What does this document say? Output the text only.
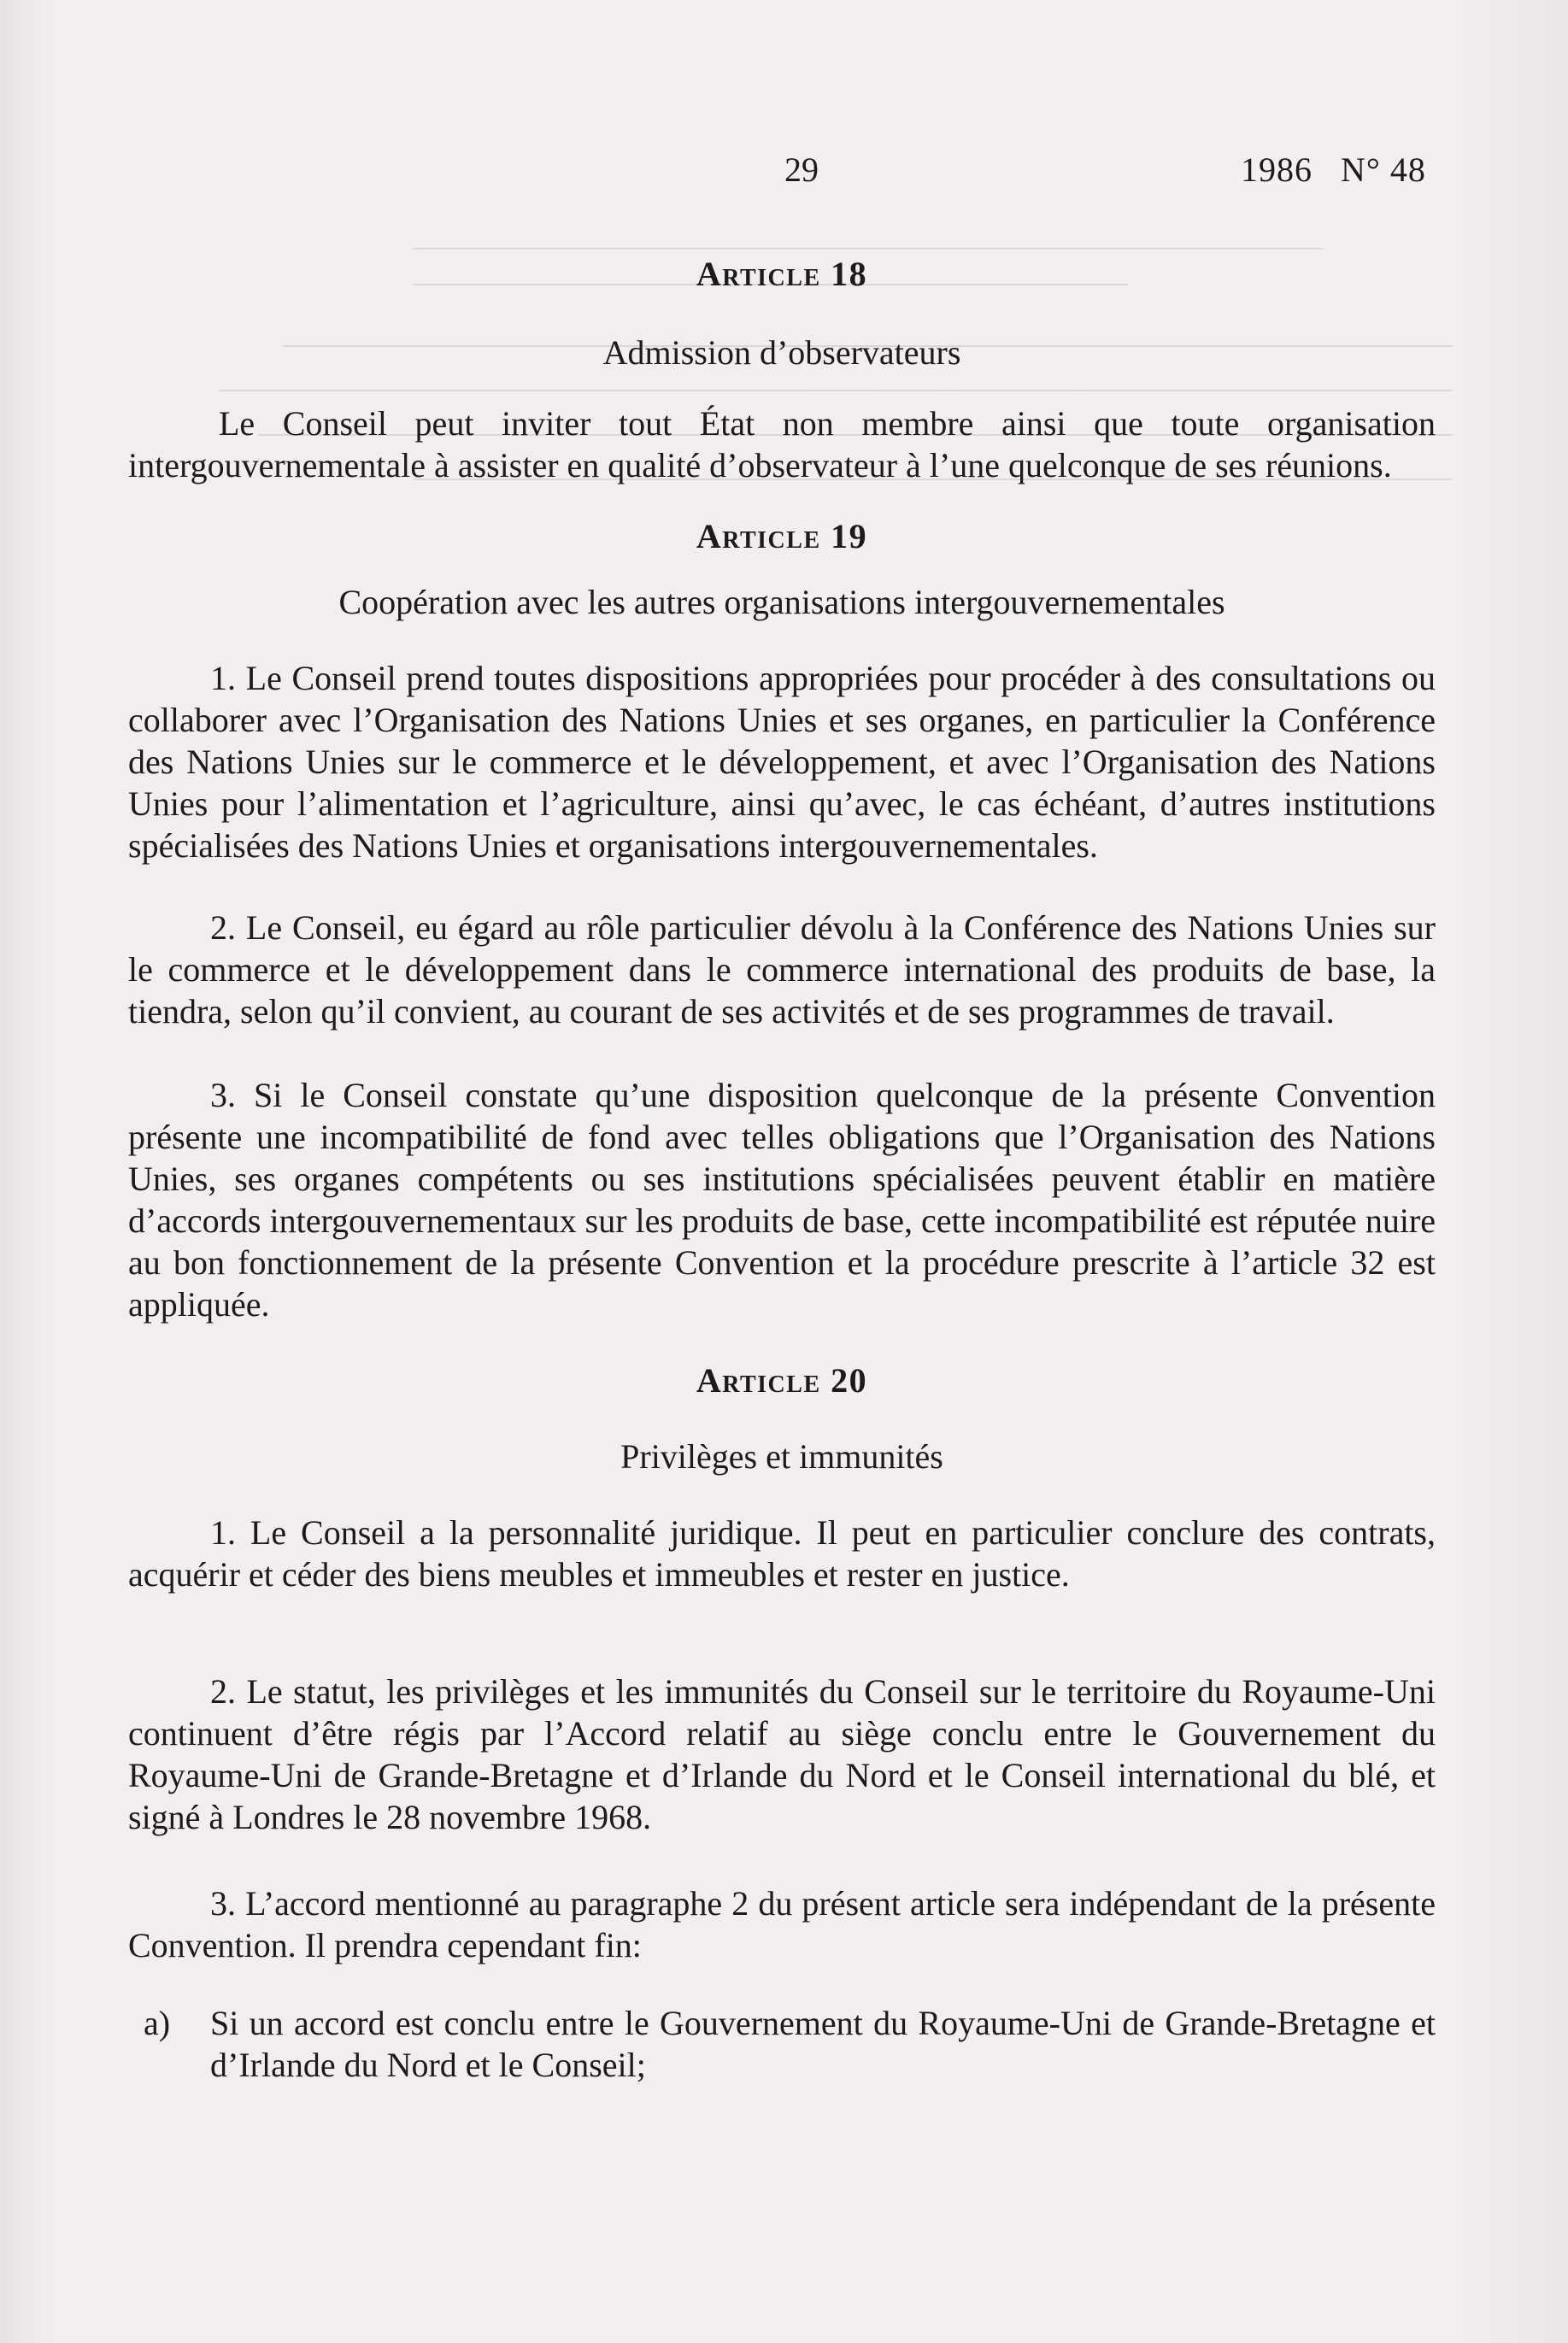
29	1986   N° 48
Article 18
Admission d’observateurs

Le Conseil peut inviter tout État non membre ainsi que toute organisation intergouvernementale à assister en qualité d’observateur à l’une quelconque de ses réunions.

Article 19
Coopération avec les autres organisations intergouvernementales

1. Le Conseil prend toutes dispositions appropriées pour procéder à des consultations ou collaborer avec l’Organisation des Nations Unies et ses organes, en particulier la Conférence des Nations Unies sur le commerce et le développement, et avec l’Organisation des Nations Unies pour l’alimentation et l’agriculture, ainsi qu’avec, le cas échéant, d’autres institutions spécialisées des Nations Unies et organisations intergouvernementales.

2. Le Conseil, eu égard au rôle particulier dévolu à la Conférence des Nations Unies sur le commerce et le développement dans le commerce international des produits de base, la tiendra, selon qu’il convient, au courant de ses activités et de ses programmes de travail.

3. Si le Conseil constate qu’une disposition quelconque de la présente Convention présente une incompatibilité de fond avec telles obligations que l’Organisation des Nations Unies, ses organes compétents ou ses institutions spécialisées peuvent établir en matière d’accords intergouvernementaux sur les produits de base, cette incompatibilité est réputée nuire au bon fonctionnement de la présente Convention et la procédure prescrite à l’article 32 est appliquée.

Article 20
Privilèges et immunités

1. Le Conseil a la personnalité juridique. Il peut en particulier conclure des contrats, acquérir et céder des biens meubles et immeubles et rester en justice.

2. Le statut, les privilèges et les immunités du Conseil sur le territoire du Royaume-Uni continuent d’être régis par l’Accord relatif au siège conclu entre le Gouvernement du Royaume-Uni de Grande-Bretagne et d’Irlande du Nord et le Conseil international du blé, et signé à Londres le 28 novembre 1968.

3. L’accord mentionné au paragraphe 2 du présent article sera indépendant de la présente Convention. Il prendra cependant fin:

a)	Si un accord est conclu entre le Gouvernement du Royaume-Uni de Grande-Bretagne et d’Irlande du Nord et le Conseil;
